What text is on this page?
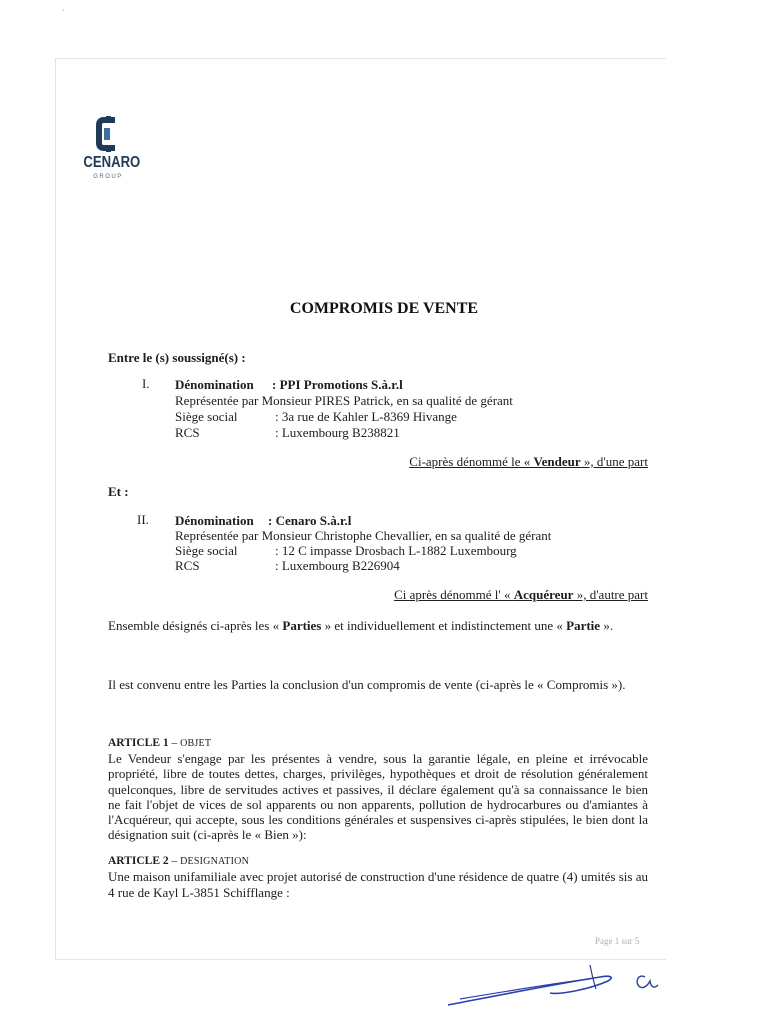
•
CENARO
GROUP
COMPROMIS DE VENTE
Entre le (s) soussigné(s) :
I. Dénomination : PPI Promotions S.à.r.l
Représentée par Monsieur PIRES Patrick, en sa qualité de gérant
Siège social	: 3a rue de Kahler L-8369 Hivange
RCS	: Luxembourg B238821
Ci-après dénommé le « Vendeur », d'une part
Et :
II. Dénomination : Cenaro S.à.r.l
Représentée par Monsieur Christophe Chevallier, en sa qualité de gérant
Siège social	: 12 C impasse Drosbach L-1882 Luxembourg
RCS	: Luxembourg B226904
Ci après dénommé l' « Acquéreur », d'autre part
Ensemble désignés ci-après les « Parties » et individuellement et indistinctement une « Partie ».
Il est convenu entre les Parties la conclusion d'un compromis de vente (ci-après le « Compromis »).
ARTICLE 1 – OBJET
Le Vendeur s'engage par les présentes à vendre, sous la garantie légale, en pleine et irrévocable propriété, libre de toutes dettes, charges, privilèges, hypothèques et droit de résolution généralement quelconques, libre de servitudes actives et passives, il déclare également qu'à sa connaissance le bien ne fait l'objet de vices de sol apparents ou non apparents, pollution de hydrocarbures ou d'amiantes à l'Acquéreur, qui accepte, sous les conditions générales et suspensives ci-après stipulées, le bien dont la désignation suit (ci-après le « Bien »):
ARTICLE 2 – DESIGNATION
Une maison unifamiliale avec projet autorisé de construction d'une résidence de quatre (4) umités sis au 4 rue de Kayl L-3851 Schifflange :
Page 1 sur 5
